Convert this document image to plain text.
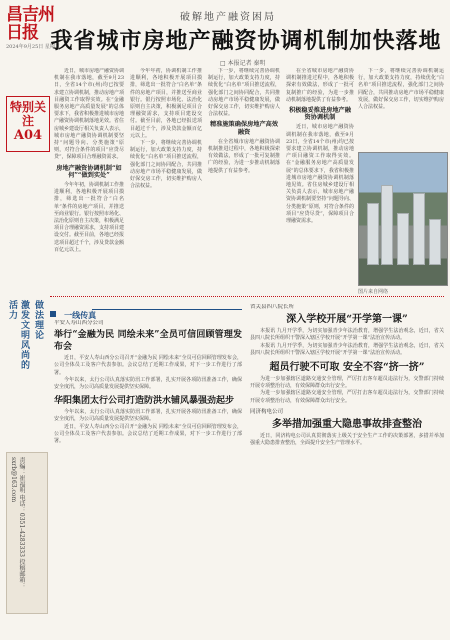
昌吉州日报
2024年9月25日 星期三
特别关注
A04
破解地产融资困局
我省城市房地产融资协调机制加快落地
□ 本报记者 秦明

近日，城市房地产融资协调机制在我市落地，截至9月23日，全省14个市(州)均已按要求建立协调机制，推动房地产项目融资工作取得实效。在“金融服务房地产高质量发展”的总体要求下，我省积极推进城市房地产融资协调机制落地见效。省住房城乡建设厅相关负责人表示，城市房地产融资协调机制要坚持“问题导向、分类施策”原则，对符合条件的项目“应贷尽贷”，保障项目合理融资需求。

房地产融资协调机制“如何”“做到实处”

今年年初，协调机制工作推进顺利，各地积极开展项目摸排，筛选出一批符合“白名单”条件的房地产项目，并推送至商业银行。银行按照市场化、法治化原则自主决策，积极满足项目合理融资需求，支持项目建设交付。截至目前，各地已经报送项目超过千个，涉及贷款金额百亿元以上。

今年年初，协调机制工作推进顺利，各地积极开展项目摸排，筛选出一批符合“白名单”条件的房地产项目，并推送至商业银行。银行按照市场化、法治化原则自主决策，积极满足项目合理融资需求，支持项目建设交付。截至目前，各地已经报送项目超过千个，涉及贷款金额百亿元以上。

下一步，将继续完善协调机制运行，加大政策支持力度，持续优化“白名单”项目推送流程，强化部门之间协同配合，共同推动房地产市场平稳健康发展，做好保交房工作，切实维护购房人合法权益。

下一步，将继续完善协调机制运行，加大政策支持力度，持续优化“白名单”项目推送流程，强化部门之间协同配合，共同推动房地产市场平稳健康发展，做好保交房工作，切实维护购房人合法权益。

精准施策确保房地产高效融资

在全省城市房地产融资协调机制推进过程中，各地积极探索有效做法，形成了一批可复制推广的经验，为进一步推动机制落地提供了有益参考。

在全省城市房地产融资协调机制推进过程中，各地积极探索有效做法，形成了一批可复制推广的经验，为进一步推动机制落地提供了有益参考。

积极稳妥推进房地产融资协调机制

近日，城市房地产融资协调机制在我市落地，截至9月23日，全省14个市(州)均已按要求建立协调机制，推动房地产项目融资工作取得实效。在“金融服务房地产高质量发展”的总体要求下，我省积极推进城市房地产融资协调机制落地见效。省住房城乡建设厅相关负责人表示，城市房地产融资协调机制要坚持“问题导向、分类施策”原则，对符合条件的项目“应贷尽贷”，保障项目合理融资需求。

下一步，将继续完善协调机制运行，加大政策支持力度，持续优化“白名单”项目推送流程，强化部门之间协同配合，共同推动房地产市场平稳健康发展，做好保交房工作，切实维护购房人合法权益。

图片来自网络
激发文明风尚的活力	做法理论	一线传真
平安人寿山西分公司
举行“金融为民 同绘未来”全员可信回顾管理发布会

近日，平安人寿山西分公司召开“金融为民 同绘未来”全员可信回顾管理发布会，公司全体员工及客户代表参加。会议总结了近期工作成果，对下一步工作进行了部署。

今年以来，太行公司认真落实防汛工作部署，扎实开展各项防汛准备工作，确保安全度汛，为公司高质量发展提供坚实保障。

华阳集团太行公司打造防洪水铺风暴强劲起步

今年以来，太行公司认真落实防汛工作部署，扎实开展各项防汛准备工作，确保安全度汛，为公司高质量发展提供坚实保障。

近日，平安人寿山西分公司召开“金融为民 同绘未来”全员可信回顾管理发布会，公司全体员工及客户代表参加。会议总结了近期工作成果，对下一步工作进行了部署。

省关县四八院长所
深入学校开展“开学第一课”

本报讯 九月开学季，为切实加强青少年法治教育，增强学生法治观念，近日，省关县四八院长所组织干警深入辖区学校开展“开学第一课”法治宣传活动。

本报讯 九月开学季，为切实加强青少年法治教育，增强学生法治观念，近日，省关县四八院长所组织干警深入辖区学校开展“开学第一课”法治宣传活动。

超员行驶不可取 安全不容“挤一挤”

为进一步加强辖区道路交通安全管理，严厉打击客车超员违法行为，交警部门持续开展专项整治行动，有效保障群众出行安全。

为进一步加强辖区道路交通安全管理，严厉打击客车超员违法行为，交警部门持续开展专项整治行动，有效保障群众出行安全。

同济构电公司
多举措加强重大隐患事故排查整治

近日，同济构电公司认真贯彻落实上级关于安全生产工作的决策部署，多措并举加强重大隐患排查整治，全面提升安全生产管理水平。

责编：崔福明 电话：0351-4283333 投稿邮箱：sxrb@163.com
